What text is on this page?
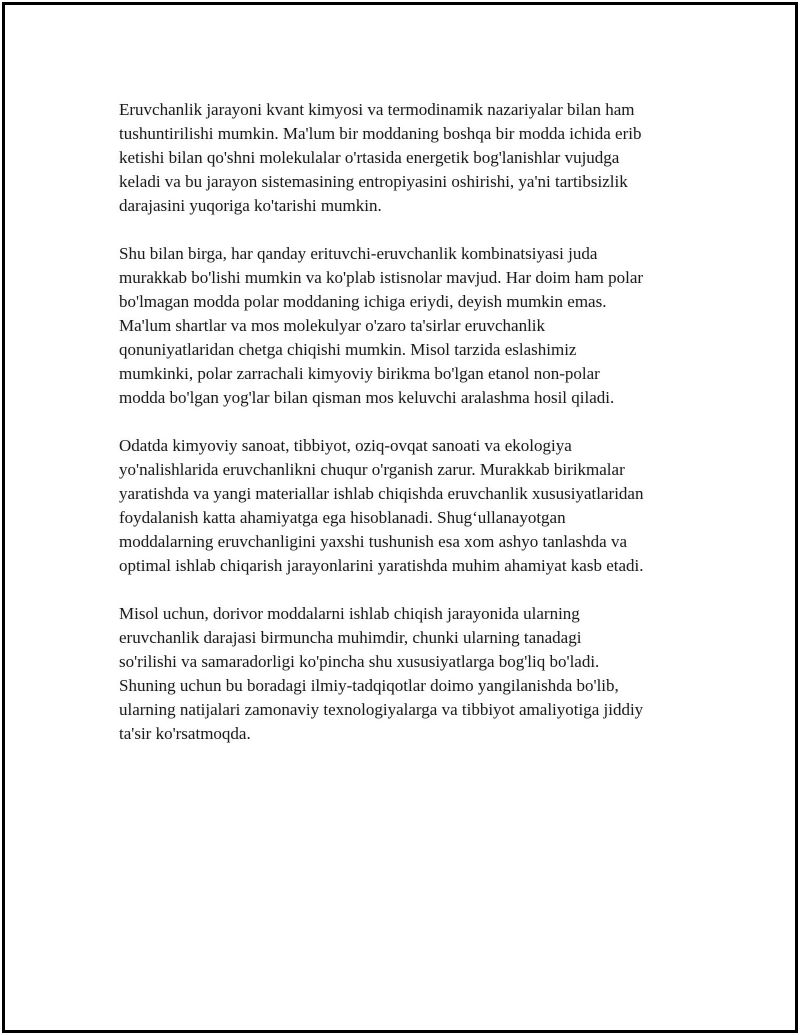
Eruvchanlik jarayoni kvant kimyosi va termodinamik nazariyalar bilan ham
tushuntirilishi mumkin. Ma'lum bir moddaning boshqa bir modda ichida erib
ketishi bilan qo'shni molekulalar o'rtasida energetik bog'lanishlar vujudga
keladi va bu jarayon sistemasining entropiyasini oshirishi, ya'ni tartibsizlik
darajasini yuqoriga ko'tarishi mumkin.

Shu bilan birga, har qanday erituvchi-eruvchanlik kombinatsiyasi juda
murakkab bo'lishi mumkin va ko'plab istisnolar mavjud. Har doim ham polar
bo'lmagan modda polar moddaning ichiga eriydi, deyish mumkin emas.
Ma'lum shartlar va mos molekulyar o'zaro ta'sirlar eruvchanlik
qonuniyatlaridan chetga chiqishi mumkin. Misol tarzida eslashimiz
mumkinki, polar zarrachali kimyoviy birikma bo'lgan etanol non-polar
modda bo'lgan yog'lar bilan qisman mos keluvchi aralashma hosil qiladi.

Odatda kimyoviy sanoat, tibbiyot, oziq-ovqat sanoati va ekologiya
yo'nalishlarida eruvchanlikni chuqur o'rganish zarur. Murakkab birikmalar
yaratishda va yangi materiallar ishlab chiqishda eruvchanlik xususiyatlaridan
foydalanish katta ahamiyatga ega hisoblanadi. Shug‘ullanayotgan
moddalarning eruvchanligini yaxshi tushunish esa xom ashyo tanlashda va
optimal ishlab chiqarish jarayonlarini yaratishda muhim ahamiyat kasb etadi.

Misol uchun, dorivor moddalarni ishlab chiqish jarayonida ularning
eruvchanlik darajasi birmuncha muhimdir, chunki ularning tanadagi
so'rilishi va samaradorligi ko'pincha shu xususiyatlarga bog'liq bo'ladi.
Shuning uchun bu boradagi ilmiy-tadqiqotlar doimo yangilanishda bo'lib,
ularning natijalari zamonaviy texnologiyalarga va tibbiyot amaliyotiga jiddiy
ta'sir ko'rsatmoqda.
